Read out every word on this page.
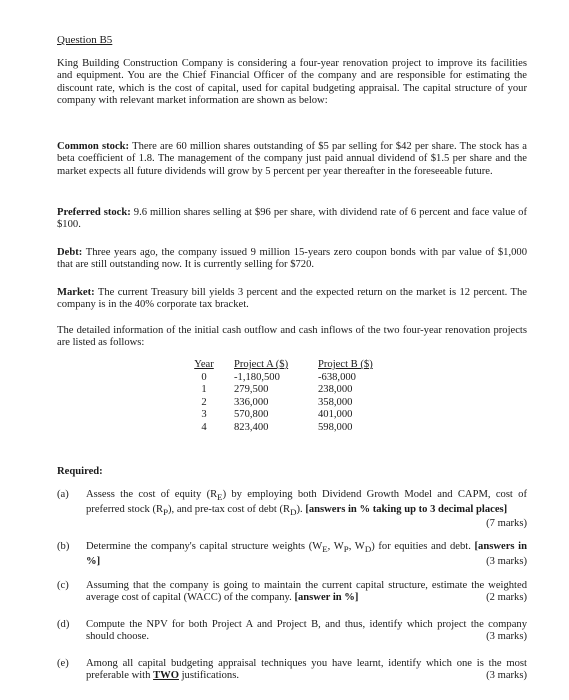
Question B5
King Building Construction Company is considering a four-year renovation project to improve its facilities and equipment. You are the Chief Financial Officer of the company and are responsible for estimating the discount rate, which is the cost of capital, used for capital budgeting appraisal. The capital structure of your company with relevant market information are shown as below:
Common stock: There are 60 million shares outstanding of $5 par selling for $42 per share. The stock has a beta coefficient of 1.8. The management of the company just paid annual dividend of $1.5 per share and the market expects all future dividends will grow by 5 percent per year thereafter in the foreseeable future.
Preferred stock: 9.6 million shares selling at $96 per share, with dividend rate of 6 percent and face value of $100.
Debt: Three years ago, the company issued 9 million 15-years zero coupon bonds with par value of $1,000 that are still outstanding now. It is currently selling for $720.
Market: The current Treasury bill yields 3 percent and the expected return on the market is 12 percent. The company is in the 40% corporate tax bracket.
The detailed information of the initial cash outflow and cash inflows of the two four-year renovation projects are listed as follows:
Year	Project A ($)	Project B ($)
0	-1,180,500	-638,000
1	279,500	238,000
2	336,000	358,000
3	570,800	401,000
4	823,400	598,000
Required:
(a)	Assess the cost of equity $(R_E)$ by employing both Dividend Growth Model and CAPM, cost of preferred stock $(R_P)$, and pre-tax cost of debt $(R_D)$. [answers in % taking up to 3 decimal places]
(7 marks)
(b)	Determine the company's capital structure weights ($W_E$, $W_P$, $W_D$) for equities and debt. [answers in %]	(3 marks)
(c)	Assuming that the company is going to maintain the current capital structure, estimate the weighted average cost of capital (WACC) of the company. [answer in %]	(2 marks)
(d)	Compute the NPV for both Project A and Project B, and thus, identify which project the company should choose.	(3 marks)
(e)	Among all capital budgeting appraisal techniques you have learnt, identify which one is the most preferable with TWO justifications.	(3 marks)
